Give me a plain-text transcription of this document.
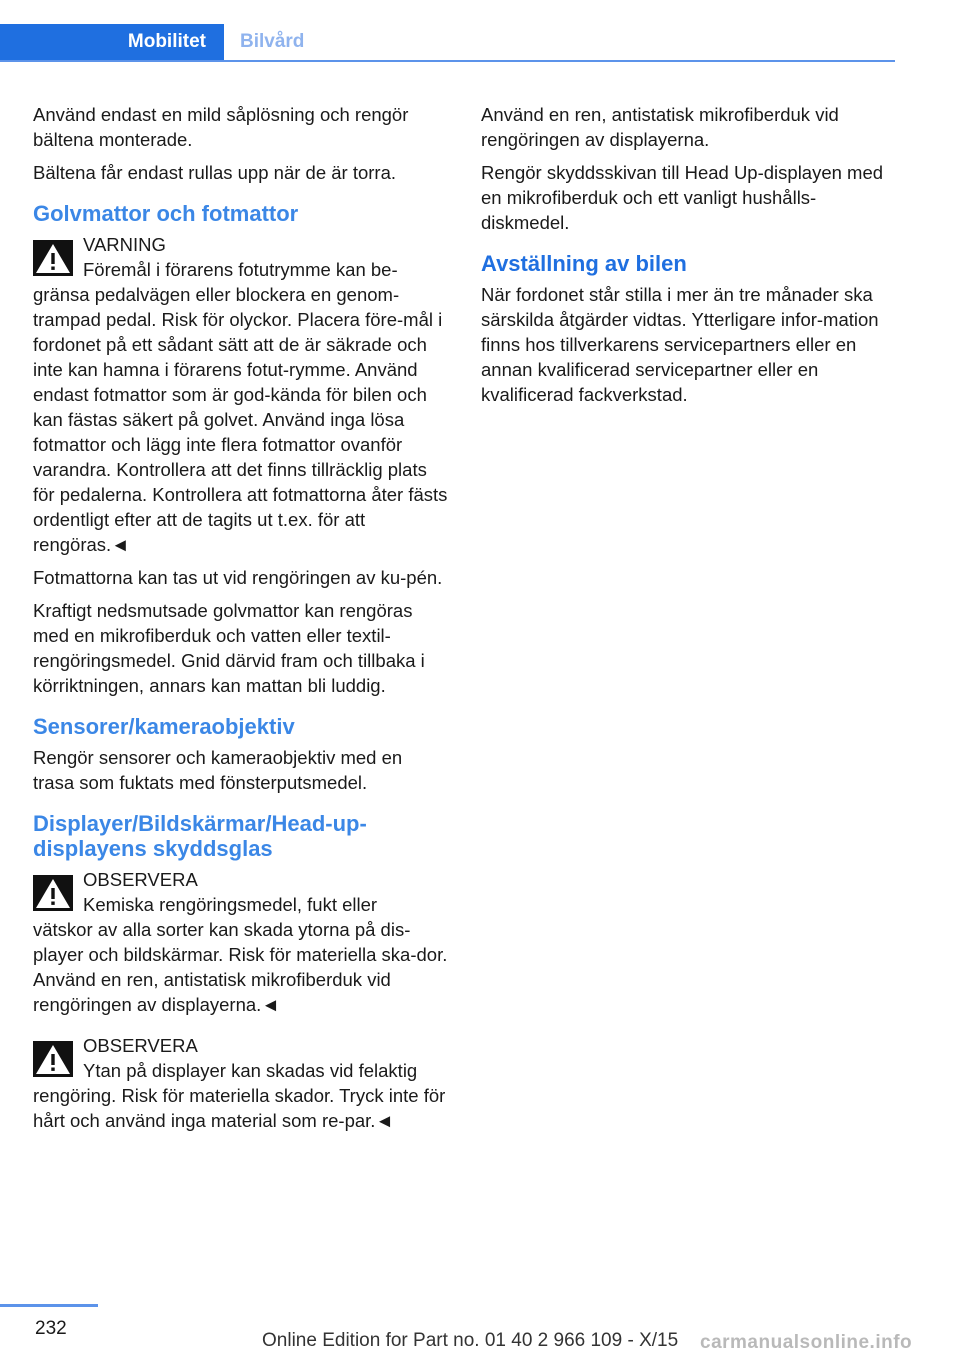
Mobilitet	Bilvård

Använd endast en mild såplösning och rengör bältena monterade.

Bältena får endast rullas upp när de är torra.

Golvmattor och fotmattor
VARNING
Föremål i förarens fotutrymme kan be-
gränsa pedalvägen eller blockera en genom-trampad pedal. Risk för olyckor. Placera före-mål i fordonet på ett sådant sätt att de är säkrade och inte kan hamna i förarens fotut-rymme. Använd endast fotmattor som är god-kända för bilen och kan fästas säkert på golvet. Använd inga lösa fotmattor och lägg inte flera fotmattor ovanför varandra. Kontrollera att det finns tillräcklig plats för pedalerna. Kontrollera att fotmattorna åter fästs ordentligt efter att de tagits ut t.ex. för att rengöras.◄

Fotmattorna kan tas ut vid rengöringen av ku-pén.

Kraftigt nedsmutsade golvmattor kan rengöras med en mikrofiberduk och vatten eller textil-rengöringsmedel. Gnid därvid fram och tillbaka i körriktningen, annars kan mattan bli luddig.

Sensorer/kameraobjektiv

Rengör sensorer och kameraobjektiv med en trasa som fuktats med fönsterputsmedel.

Displayer/Bildskärmar/Head-up-displayens skyddsglas
OBSERVERA
Kemiska rengöringsmedel, fukt eller
vätskor av alla sorter kan skada ytorna på dis-player och bildskärmar. Risk för materiella ska-dor. Använd en ren, antistatisk mikrofiberduk vid rengöringen av displayerna.◄
OBSERVERA
Ytan på displayer kan skadas vid felaktig
rengöring. Risk för materiella skador. Tryck inte för hårt och använd inga material som re-par.◄

Använd en ren, antistatisk mikrofiberduk vid rengöringen av displayerna.

Rengör skyddsskivan till Head Up-displayen med en mikrofiberduk och ett vanligt hushålls-diskmedel.

Avställning av bilen

När fordonet står stilla i mer än tre månader ska särskilda åtgärder vidtas. Ytterligare infor-mation finns hos tillverkarens servicepartners eller en annan kvalificerad servicepartner eller en kvalificerad fackverkstad.

232
Online Edition for Part no. 01 40 2 966 109 - X/15 carmanualsonline.info
